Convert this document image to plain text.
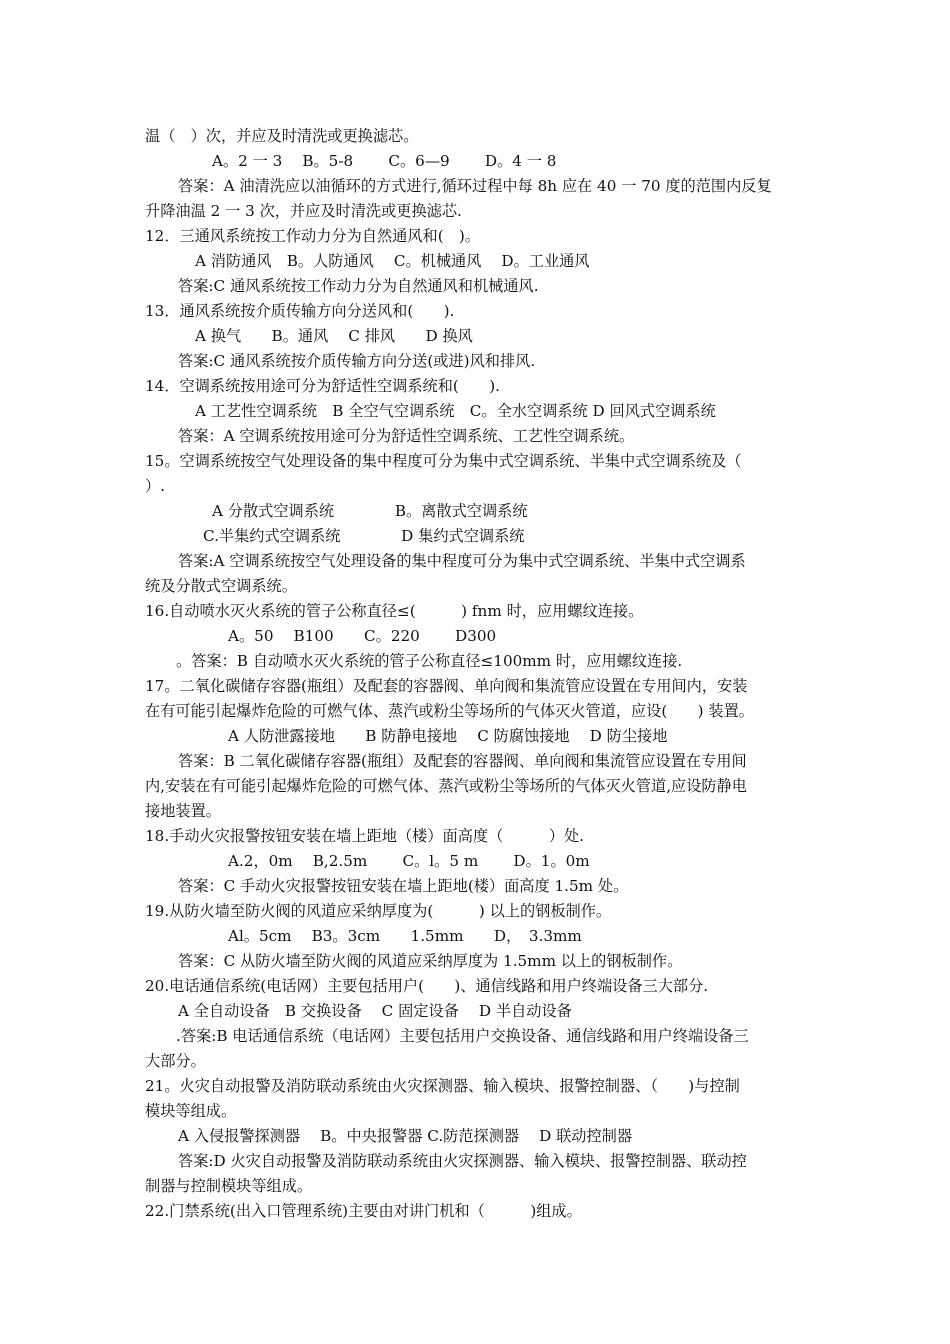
温（　）次，并应及时清洗或更换滤芯。
A。2 一 3　 B。5-8　　 C。6—9　　 D。4 一 8
答案：A 油清洗应以油循环的方式进行,循环过程中每 8h 应在 40 一 70 度的范围内反复
升降油温 2 一 3 次，并应及时清洗或更换滤芯.
12．三通风系统按工作动力分为自然通风和(　)。
A 消防通风　B。人防通风　 C。机械通风　 D。工业通风
答案:C 通风系统按工作动力分为自然通风和机械通风.
13．通风系统按介质传输方向分送风和(　　).
A 换气　　B。通风　 C 排风　　D 换风
答案:C 通风系统按介质传输方向分送(或进)风和排风.
14．空调系统按用途可分为舒适性空调系统和(　　).
A 工艺性空调系统　B 全空气空调系统　C。全水空调系统 D 回风式空调系统
答案：A 空调系统按用途可分为舒适性空调系统、工艺性空调系统。
15。空调系统按空气处理设备的集中程度可分为集中式空调系统、半集中式空调系统及（
）.
A 分散式空调系统　　　　B。离散式空调系统
C.半集约式空调系统　　　　D 集约式空调系统
答案:A 空调系统按空气处理设备的集中程度可分为集中式空调系统、半集中式空调系
统及分散式空调系统。
16.自动喷水灭火系统的管子公称直径≤(　　　) fnm 时，应用螺纹连接。
A。50　 B100　　C。220　　 D300
。答案：B 自动喷水灭火系统的管子公称直径≤100mm 时，应用螺纹连接.
17。二氧化碳储存容器(瓶组）及配套的容器阀、单向阀和集流管应设置在专用间内，安装
在有可能引起爆炸危险的可燃气体、蒸汽或粉尘等场所的气体灭火管道，应设(　　) 装置。
A 人防泄露接地　　B 防静电接地　 C 防腐蚀接地　 D 防尘接地
答案：B 二氧化碳储存容器(瓶组）及配套的容器阀、单向阀和集流管应设置在专用间
内,安装在有可能引起爆炸危险的可燃气体、蒸汽或粉尘等场所的气体灭火管道,应设防静电
接地装置。
18.手动火灾报警按钮安装在墙上距地（楼）面高度（　　　）处.
A.2，0m　 B,2.5m　　 C。l。5 m　　 D。1。0m
答案：C 手动火灾报警按钮安装在墙上距地(楼）面高度 1.5m 处。
19.从防火墙至防火阀的风道应采纳厚度为(　　　) 以上的钢板制作。
Al。5cm　 B3。3cm　　1.5mm　　D，　3.3mm
答案：C 从防火墙至防火阀的风道应采纳厚度为 1.5mm 以上的钢板制作。
20.电话通信系统(电话网）主要包括用户(　　)、通信线路和用户终端设备三大部分.
A 全自动设备　B 交换设备　 C 固定设备　 D 半自动设备
.答案:B 电话通信系统（电话网）主要包括用户交换设备、通信线路和用户终端设备三
大部分。
21。火灾自动报警及消防联动系统由火灾探测器、输入模块、报警控制器、（　　)与控制
模块等组成。
A 入侵报警探测器　 B。中央报警器 C.防范探测器　 D 联动控制器
答案:D 火灾自动报警及消防联动系统由火灾探测器、输入模块、报警控制器、联动控
制器与控制模块等组成。
22.门禁系统(出入口管理系统)主要由对讲门机和（　　　)组成。
